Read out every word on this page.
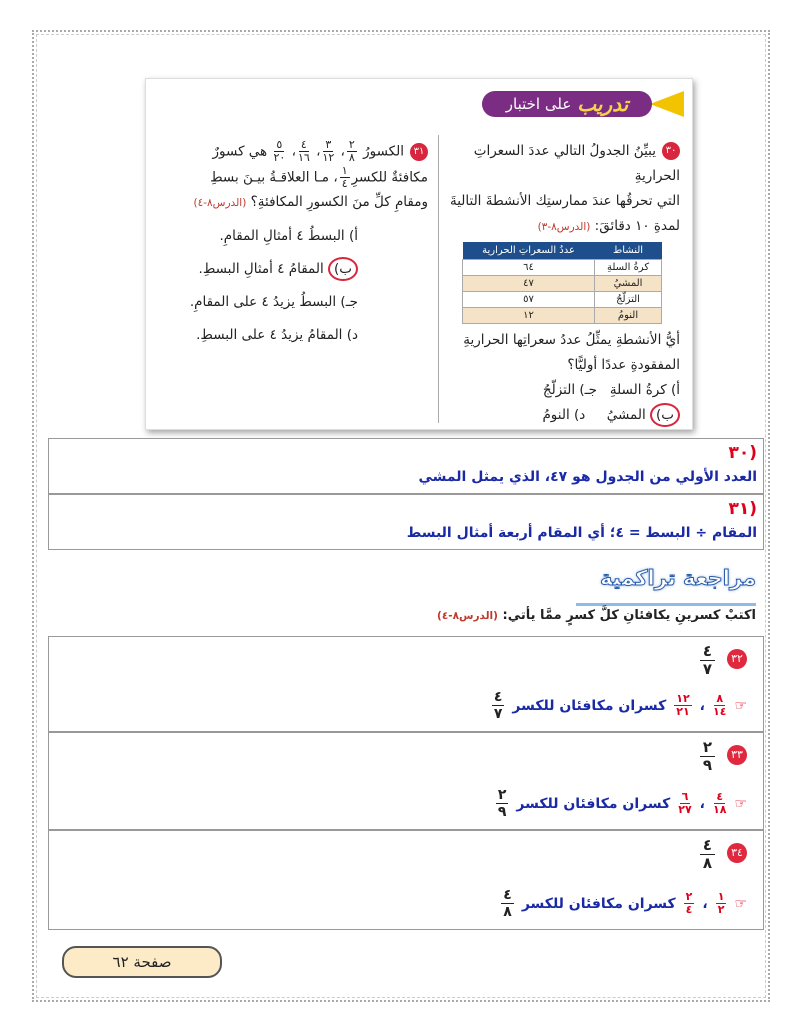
تدريب
على اختبار
٣٠يبيِّنُ الجدولُ التالي عددَ السعراتِ الحراريةِ
التي تحرقُها عندَ ممارستِك الأنشطةَ التاليةَ
لمدةِ ١٠ دقائقَ: (الدرس٨-٣)
النشاط	عددُ السعراتِ الحرارية
كرةُ السلةِ	٦٤
المشيُ	٤٧
التزلّجُ	٥٧
النومُ	١٢
أيُّ الأنشطةِ يمثِّلُ عددُ سعراتِها الحراريةِ
المفقودةِ عددًا أوليًّا؟
أ) كرةُ السلةِ   جـ) التزلّجُ
ب) المشيُ     د) النومُ
٣١الكسورُ
$\frac{٢}{٨}$
،
$\frac{٣}{١٢}$
،
$\frac{٤}{١٦}$
،
$\frac{٥}{٢٠}$
هي كسورٌ
مكافئةٌ للكسرِ
$\frac{١}{٤}$
، مـا العلاقـةُ بيـنَ بسطِ
ومقامِ كلِّ منَ الكسورِ المكافئةِ؟ (الدرس٨-٤)
أ) البسطُ ٤ أمثالِ المقامِ.
ب) المقامُ ٤ أمثالِ البسطِ.
جـ) البسطُ يزيدُ ٤ على المقامِ.
د) المقامُ يزيدُ ٤ على البسطِ.
(٣٠
العدد الأولي من الجدول هو ٤٧، الذي يمثل المشي
(٣١
المقام ÷ البسط = ٤؛ أي المقام أربعة أمثال البسط
مراجعة تراكمية
اكتبْ كسرينِ يكافئانِ كلَّ كسرٍ ممَّا يأتي: (الدرس٨-٤)
٣٢
٤
٧
☞
$\frac{٨}{١٤}$
،
$\frac{١٢}{٢١}$
كسران مكافئان للكسر
$\frac{٤}{٧}$
٣٣
٢
٩
☞
$\frac{٤}{١٨}$
،
$\frac{٦}{٢٧}$
كسران مكافئان للكسر
$\frac{٢}{٩}$
٣٤
٤
٨
☞
$\frac{١}{٢}$
،
$\frac{٢}{٤}$
كسران مكافئان للكسر
$\frac{٤}{٨}$
صفحة ٦٢
